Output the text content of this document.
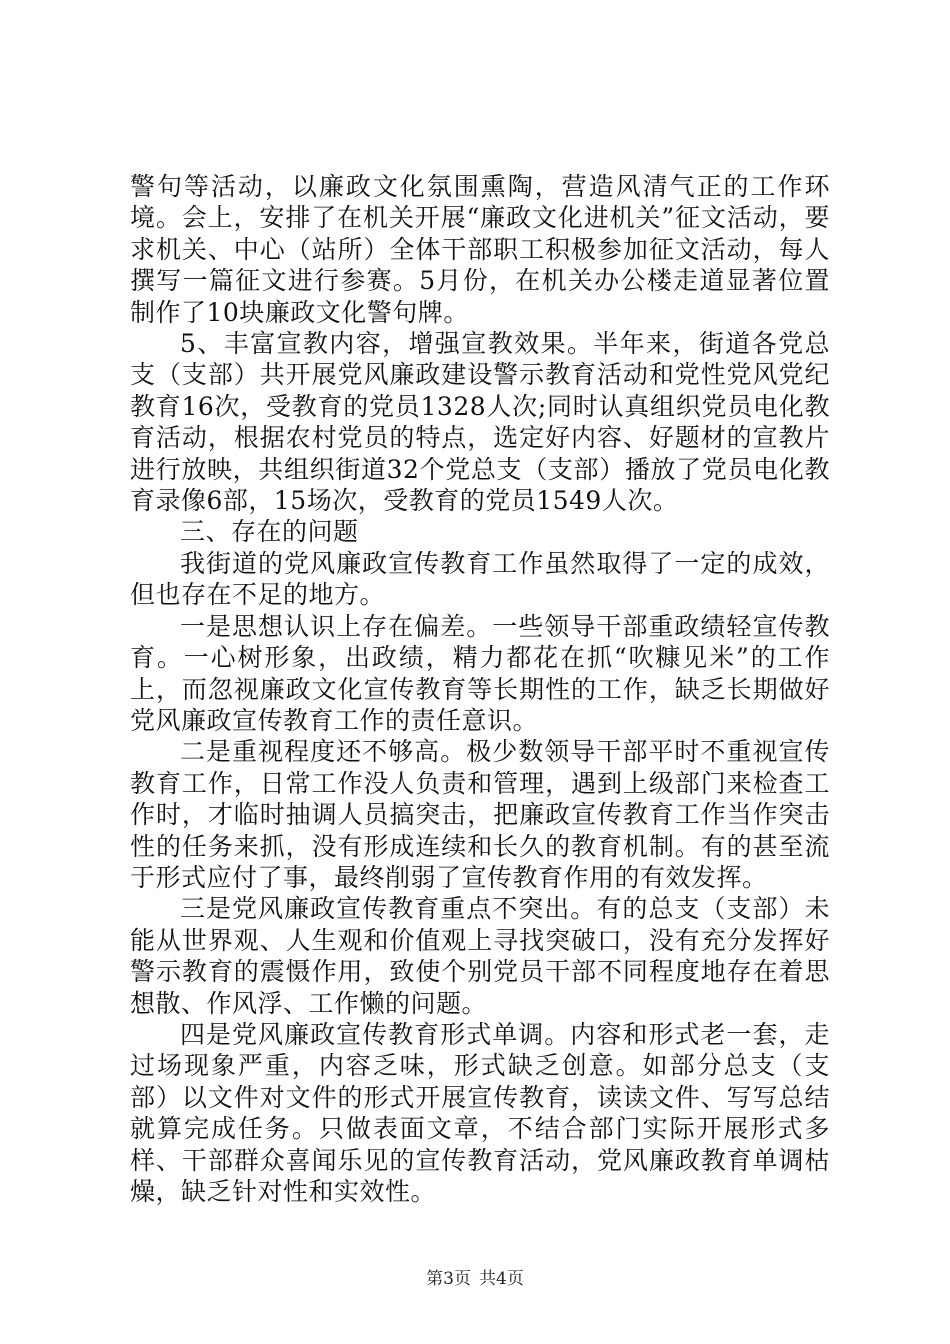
警句等活动，以廉政文化氛围熏陶，营造风清气正的工作环境。会上，安排了在机关开展“廉政文化进机关”征文活动，要求机关、中心（站所）全体干部职工积极参加征文活动，每人撰写一篇征文进行参赛。5月份，在机关办公楼走道显著位置制作了10块廉政文化警句牌。

5、丰富宣教内容，增强宣教效果。半年来，街道各党总支（支部）共开展党风廉政建设警示教育活动和党性党风党纪教育16次，受教育的党员1328人次;同时认真组织党员电化教育活动，根据农村党员的特点，选定好内容、好题材的宣教片进行放映，共组织街道32个党总支（支部）播放了党员电化教育录像6部，15场次，受教育的党员1549人次。

三、存在的问题

我街道的党风廉政宣传教育工作虽然取得了一定的成效，但也存在不足的地方。

一是思想认识上存在偏差。一些领导干部重政绩轻宣传教育。一心树形象，出政绩，精力都花在抓“吹糠见米”的工作上，而忽视廉政文化宣传教育等长期性的工作，缺乏长期做好党风廉政宣传教育工作的责任意识。

二是重视程度还不够高。极少数领导干部平时不重视宣传教育工作，日常工作没人负责和管理，遇到上级部门来检查工作时，才临时抽调人员搞突击，把廉政宣传教育工作当作突击性的任务来抓，没有形成连续和长久的教育机制。有的甚至流于形式应付了事，最终削弱了宣传教育作用的有效发挥。

三是党风廉政宣传教育重点不突出。有的总支（支部）未能从世界观、人生观和价值观上寻找突破口，没有充分发挥好警示教育的震慑作用，致使个别党员干部不同程度地存在着思想散、作风浮、工作懒的问题。

四是党风廉政宣传教育形式单调。内容和形式老一套，走过场现象严重，内容乏味，形式缺乏创意。如部分总支（支部）以文件对文件的形式开展宣传教育，读读文件、写写总结就算完成任务。只做表面文章，不结合部门实际开展形式多样、干部群众喜闻乐见的宣传教育活动，党风廉政教育单调枯燥，缺乏针对性和实效性。

第3页 共4页
